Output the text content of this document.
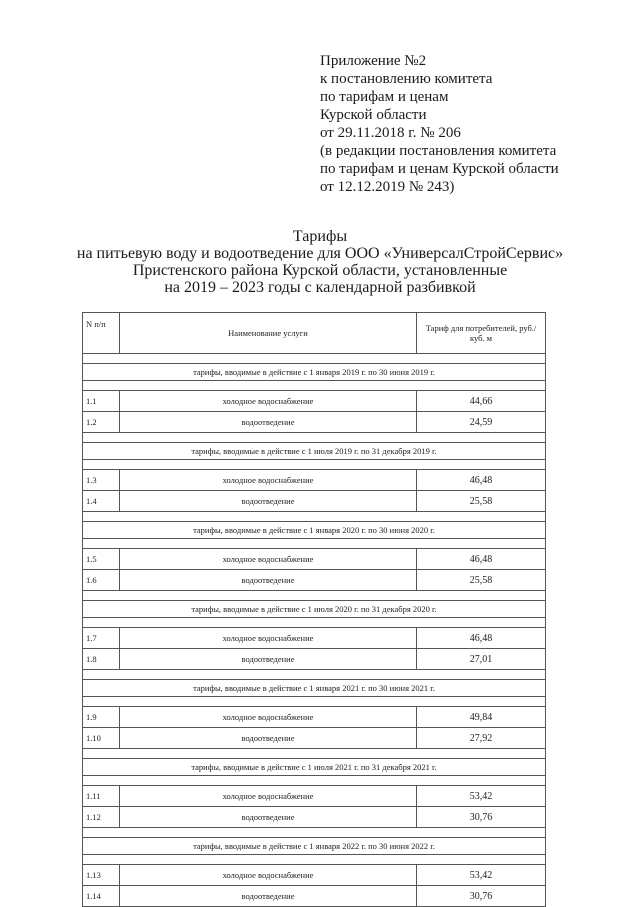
Приложение №2
к постановлению комитета
по тарифам и ценам
Курской области
от 29.11.2018 г. № 206
(в редакции постановления комитета
по тарифам и ценам Курской области
от 12.12.2019 № 243)
Тарифы
на питьевую воду и водоотведение для ООО «УниверсалСтройСервис»
Пристенского района Курской области, установленные
на 2019 – 2023 годы с календарной разбивкой
N п/п	Наименование услуги	Тариф для потребителей, руб./куб. м

тарифы, вводимые в действие с 1 января 2019 г. по 30 июня 2019 г.		

1.1	холодное водоснабжение	44,66
1.2	водоотведение	24,59

тарифы, вводимые в действие с 1 июля 2019 г. по 31 декабря 2019 г.		

1.3	холодное водоснабжение	46,48
1.4	водоотведение	25,58

тарифы, вводимые в действие с 1 января 2020 г. по 30 июня 2020 г.		

1.5	холодное водоснабжение	46,48
1.6	водоотведение	25,58

тарифы, вводимые в действие с 1 июля 2020 г. по 31 декабря 2020 г.		

1.7	холодное водоснабжение	46,48
1.8	водоотведение	27,01

тарифы, вводимые в действие с 1 января 2021 г. по 30 июня 2021 г.		

1.9	холодное водоснабжение	49,84
1.10	водоотведение	27,92

тарифы, вводимые в действие с 1 июля 2021 г. по 31 декабря 2021 г.		

1.11	холодное водоснабжение	53,42
1.12	водоотведение	30,76

тарифы, вводимые в действие с 1 января 2022 г. по 30 июня 2022 г.		

1.13	холодное водоснабжение	53,42
1.14	водоотведение	30,76
